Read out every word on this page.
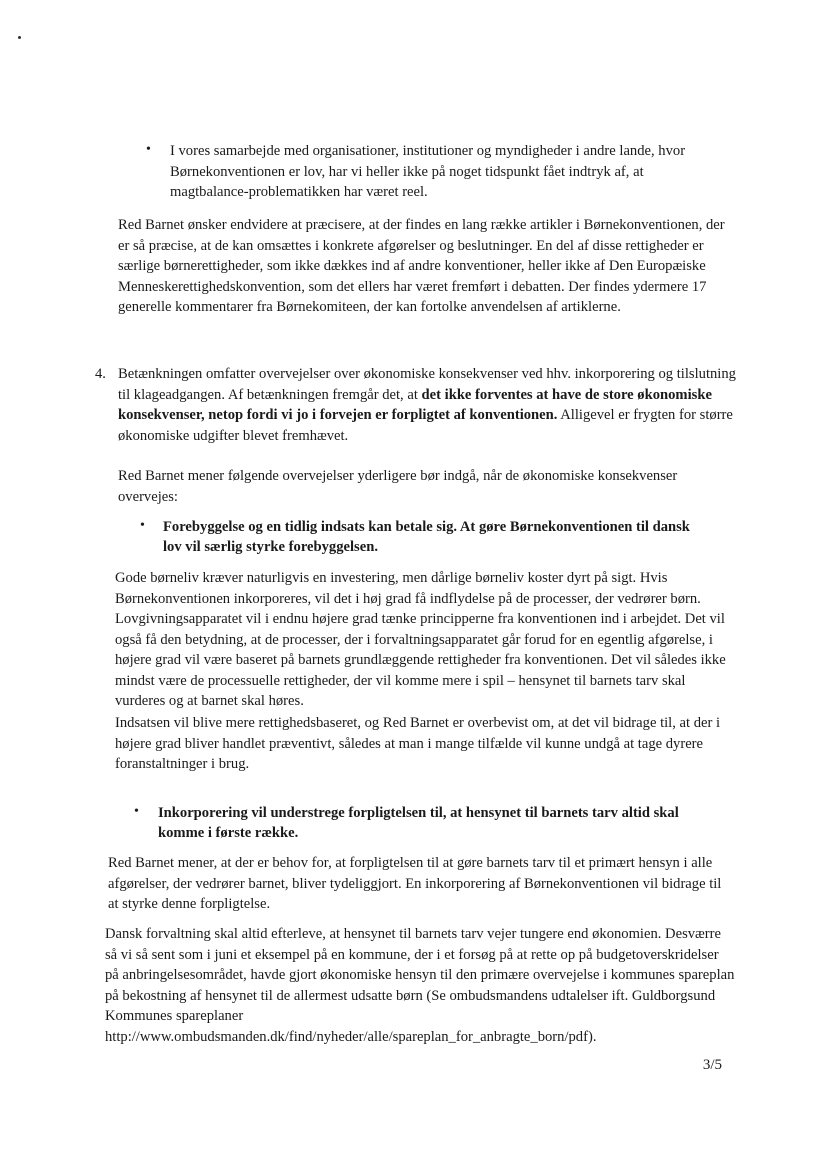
• I vores samarbejde med organisationer, institutioner og myndigheder i andre lande, hvor Børnekonventionen er lov, har vi heller ikke på noget tidspunkt fået indtryk af, at magtbalance-problematikken har været reel.

Red Barnet ønsker endvidere at præcisere, at der findes en lang række artikler i Børnekonventionen, der er så præcise, at de kan omsættes i konkrete afgørelser og beslutninger. En del af disse rettigheder er særlige børnerettigheder, som ikke dækkes ind af andre konventioner, heller ikke af Den Europæiske Menneskerettighedskonvention, som det ellers har været fremført i debatten. Der findes ydermere 17 generelle kommentarer fra Børnekomiteen, der kan fortolke anvendelsen af artiklerne.

4. Betænkningen omfatter overvejelser over økonomiske konsekvenser ved hhv. inkorporering og tilslutning til klageadgangen. Af betænkningen fremgår det, at det ikke forventes at have de store økonomiske konsekvenser, netop fordi vi jo i forvejen er forpligtet af konventionen. Alligevel er frygten for større økonomiske udgifter blevet fremhævet.

Red Barnet mener følgende overvejelser yderligere bør indgå, når de økonomiske konsekvenser overvejes:

• Forebyggelse og en tidlig indsats kan betale sig. At gøre Børnekonventionen til dansk lov vil særlig styrke forebyggelsen.

Gode børneliv kræver naturligvis en investering, men dårlige børneliv koster dyrt på sigt. Hvis Børnekonventionen inkorporeres, vil det i høj grad få indflydelse på de processer, der vedrører børn. Lovgivningsapparatet vil i endnu højere grad tænke principperne fra konventionen ind i arbejdet. Det vil også få den betydning, at de processer, der i forvaltningsapparatet går forud for en egentlig afgørelse, i højere grad vil være baseret på barnets grundlæggende rettigheder fra konventionen. Det vil således ikke mindst være de processuelle rettigheder, der vil komme mere i spil – hensynet til barnets tarv skal vurderes og at barnet skal høres.

Indsatsen vil blive mere rettighedsbaseret, og Red Barnet er overbevist om, at det vil bidrage til, at der i højere grad bliver handlet præventivt, således at man i mange tilfælde vil kunne undgå at tage dyrere foranstaltninger i brug.

• Inkorporering vil understrege forpligtelsen til, at hensynet til barnets tarv altid skal komme i første række.

Red Barnet mener, at der er behov for, at forpligtelsen til at gøre barnets tarv til et primært hensyn i alle afgørelser, der vedrører barnet, bliver tydeliggjort. En inkorporering af Børnekonventionen vil bidrage til at styrke denne forpligtelse.

Dansk forvaltning skal altid efterleve, at hensynet til barnets tarv vejer tungere end økonomien. Desværre så vi så sent som i juni et eksempel på en kommune, der i et forsøg på at rette op på budgetoverskridelser på anbringelsesområdet, havde gjort økonomiske hensyn til den primære overvejelse i kommunes spareplan på bekostning af hensynet til de allermest udsatte børn (Se ombudsmandens udtalelser ift. Guldborgsund Kommunes spareplaner http://www.ombudsmanden.dk/find/nyheder/alle/spareplan_for_anbragte_born/pdf).

3/5
